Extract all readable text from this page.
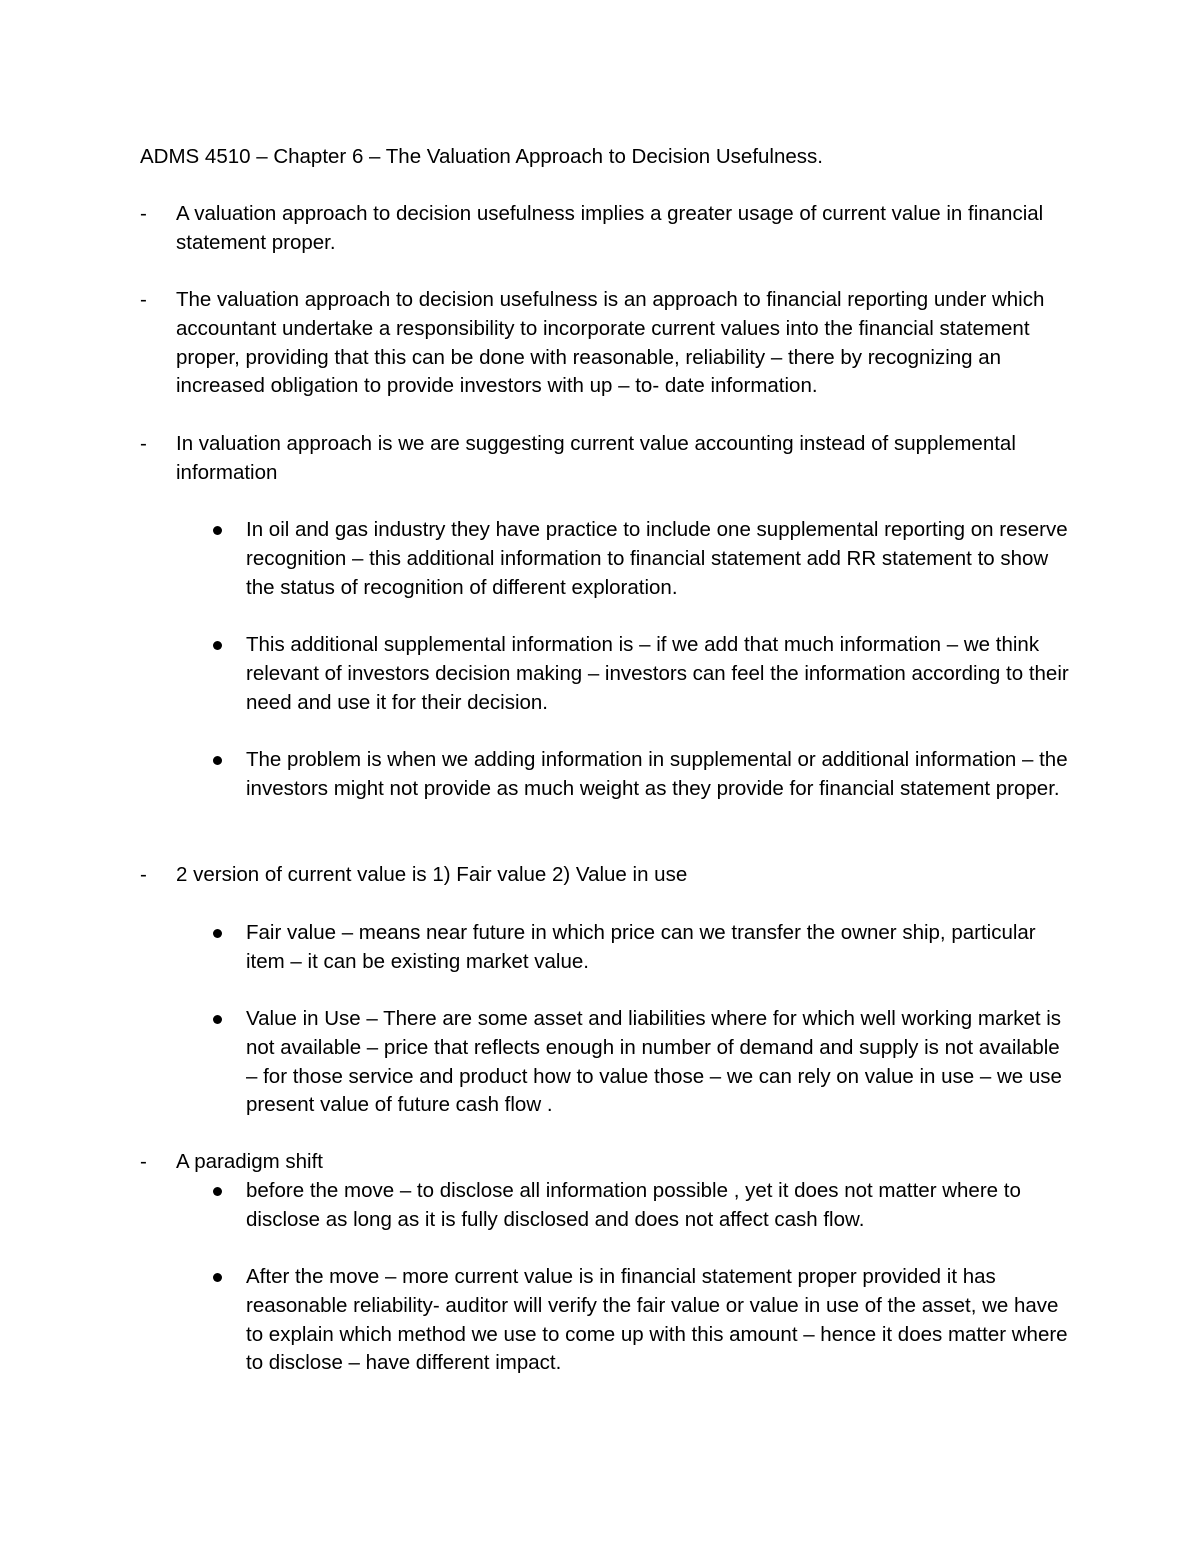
ADMS 4510 – Chapter 6 – The Valuation Approach to Decision Usefulness.
- A valuation approach to decision usefulness implies a greater usage of current value in financial statement proper.
- The valuation approach to decision usefulness is an approach to financial reporting under which accountant undertake a responsibility to incorporate current values into the financial statement proper, providing that this can be done with reasonable, reliability – there by recognizing an increased obligation to provide investors with up – to- date information.
- In valuation approach is we are suggesting current value accounting instead of supplemental information
In oil and gas industry they have practice to include one supplemental reporting on reserve recognition – this additional information to financial statement add RR statement to show the status of recognition of different exploration.
This additional supplemental information is – if we add that much information – we think relevant of investors decision making – investors can feel the information according to their need and use it for their decision.
The problem is when we adding information in supplemental or additional information – the investors might not provide as much weight as they provide for financial statement proper.
- 2 version of current value is 1) Fair value 2) Value in use
Fair value – means near future in which price can we transfer the owner ship, particular item – it can be existing market value.
Value in Use – There are some asset and liabilities where for which well working market is not available – price that reflects enough in number of demand and supply is not available – for those service and product how to value those – we can rely on value in use – we use present value of future cash flow .
- A paradigm shift
before the move – to disclose all information possible , yet it does not matter where to disclose as long as it is fully disclosed and does not affect cash flow.
After the move – more current value is in financial statement proper provided it has reasonable reliability- auditor will verify the fair value or value in use of the asset, we have to explain which method we use to come up with this amount – hence it does matter where to disclose – have different impact.
